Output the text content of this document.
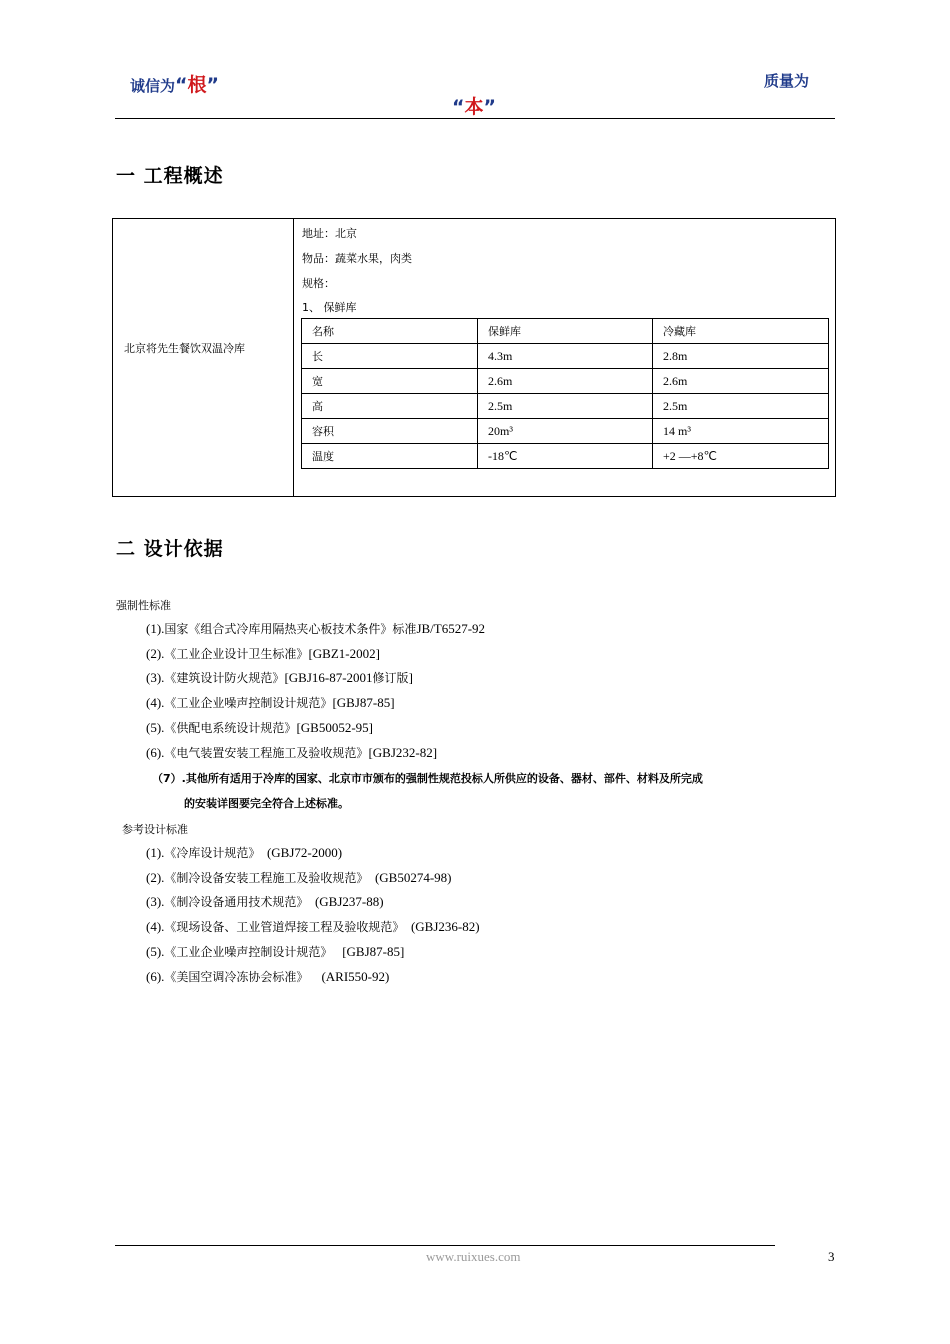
诚信为“根”	质量为
“本”
一 工程概述
北京将先生餐饮双温冷库
地址：北京
物品：蔬菜水果，肉类
规格：
1、 保鲜库
名称	保鲜库	冷藏库
长	4.3m	2.8m
宽	2.6m	2.6m
高	2.5m	2.5m
容积	20m³	14 m³
温度	-18℃	+2 —+8℃
二 设计依据
强制性标准
(1).国家《组合式冷库用隔热夹心板技术条件》标准JB/T6527-92
(2).《工业企业设计卫生标准》[GBZ1-2002]
(3).《建筑设计防火规范》[GBJ16-87-2001修订版]
(4).《工业企业噪声控制设计规范》[GBJ87-85]
(5).《供配电系统设计规范》[GB50052-95]
(6).《电气装置安装工程施工及验收规范》[GBJ232-82]
（7）.其他所有适用于冷库的国家、北京市市颁布的强制性规范投标人所供应的设备、器材、部件、材料及所完成
的安装详图要完全符合上述标准。
参考设计标准
(1).《冷库设计规范》  (GBJ72-2000)
(2).《制冷设备安装工程施工及验收规范》  (GB50274-98)
(3).《制冷设备通用技术规范》  (GBJ237-88)
(4).《现场设备、工业管道焊接工程及验收规范》  (GBJ236-82)
(5).《工业企业噪声控制设计规范》   [GBJ87-85]
(6).《美国空调冷冻协会标准》    (ARI550-92)
www.ruixues.com	3
